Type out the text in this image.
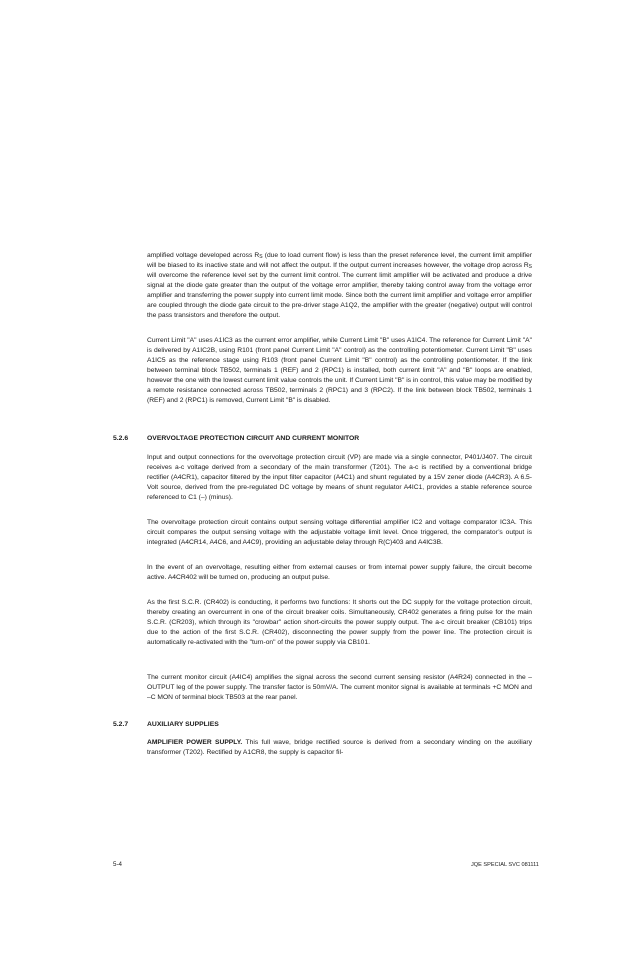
amplified voltage developed across $R_S$ (due to load current flow) is less than the preset reference level, the current limit amplifier will be biased to its inactive state and will not affect the output. If the output current increases however, the voltage drop across $R_S$ will overcome the reference level set by the current limit control. The current limit amplifier will be activated and produce a drive signal at the diode gate greater than the output of the voltage error amplifier, thereby taking control away from the voltage error amplifier and transferring the power supply into current limit mode. Since both the current limit amplifier and voltage error amplifier are coupled through the diode gate circuit to the pre-driver stage A1Q2, the amplifier with the greater (negative) output will control the pass transistors and therefore the output.

Current Limit "A" uses A1IC3 as the current error amplifier, while Current Limit "B" uses A1IC4. The reference for Current Limit "A" is delivered by A1IC2B, using R101 (front panel Current Limit "A" control) as the controlling potentiometer. Current Limit "B" uses A1IC5 as the reference stage using R103 (front panel Current Limit "B" control) as the controlling potentiometer. If the link between terminal block TB502, terminals 1 (REF) and 2 (RPC1) is installed, both current limit "A" and "B" loops are enabled, however the one with the lowest current limit value controls the unit. If Current Limit "B" is in control, this value may be modified by a remote resistance connected across TB502, terminals 2 (RPC1) and 3 (RPC2). If the link between block TB502, terminals 1 (REF) and 2 (RPC1) is removed, Current Limit "B" is disabled.

5.2.6	OVERVOLTAGE PROTECTION CIRCUIT AND CURRENT MONITOR

Input and output connections for the overvoltage protection circuit (VP) are made via a single connector, P401/J407. The circuit receives a-c voltage derived from a secondary of the main transformer (T201). The a-c is rectified by a conventional bridge rectifier (A4CR1), capacitor filtered by the input filter capacitor (A4C1) and shunt regulated by a 15V zener diode (A4CR3). A 6.5-Volt source, derived from the pre-regulated DC voltage by means of shunt regulator A4IC1, provides a stable reference source referenced to C1 (–) (minus).

The overvoltage protection circuit contains output sensing voltage differential amplifier IC2 and voltage comparator IC3A. This circuit compares the output sensing voltage with the adjustable voltage limit level. Once triggered, the comparator’s output is integrated (A4CR14, A4C6, and A4C9), providing an adjustable delay through R(C)403 and A4IC3B.

In the event of an overvoltage, resulting either from external causes or from internal power supply failure, the circuit become active. A4CR402 will be turned on, producing an output pulse.

As the first S.C.R. (CR402) is conducting, it performs two functions: It shorts out the DC supply for the voltage protection circuit, thereby creating an overcurrent in one of the circuit breaker coils. Simultaneously, CR402 generates a firing pulse for the main S.C.R. (CR203), which through its "crowbar" action short-circuits the power supply output. The a-c circuit breaker (CB101) trips due to the action of the first S.C.R. (CR402), disconnecting the power supply from the power line. The protection circuit is automatically re-activated with the "turn-on" of the power supply via CB101.

The current monitor circuit (A4IC4) amplifies the signal across the second current sensing resistor (A4R24) connected in the –OUTPUT leg of the power supply. The transfer factor is 50mV/A. The current monitor signal is available at terminals +C MON and –C MON of terminal block TB503 at the rear panel.

5.2.7	AUXILIARY SUPPLIES

AMPLIFIER POWER SUPPLY. This full wave, bridge rectified source is derived from a secondary winding on the auxiliary transformer (T202). Rectified by A1CR8, the supply is capacitor fil-

5-4	JQE SPECIAL SVC 081111
